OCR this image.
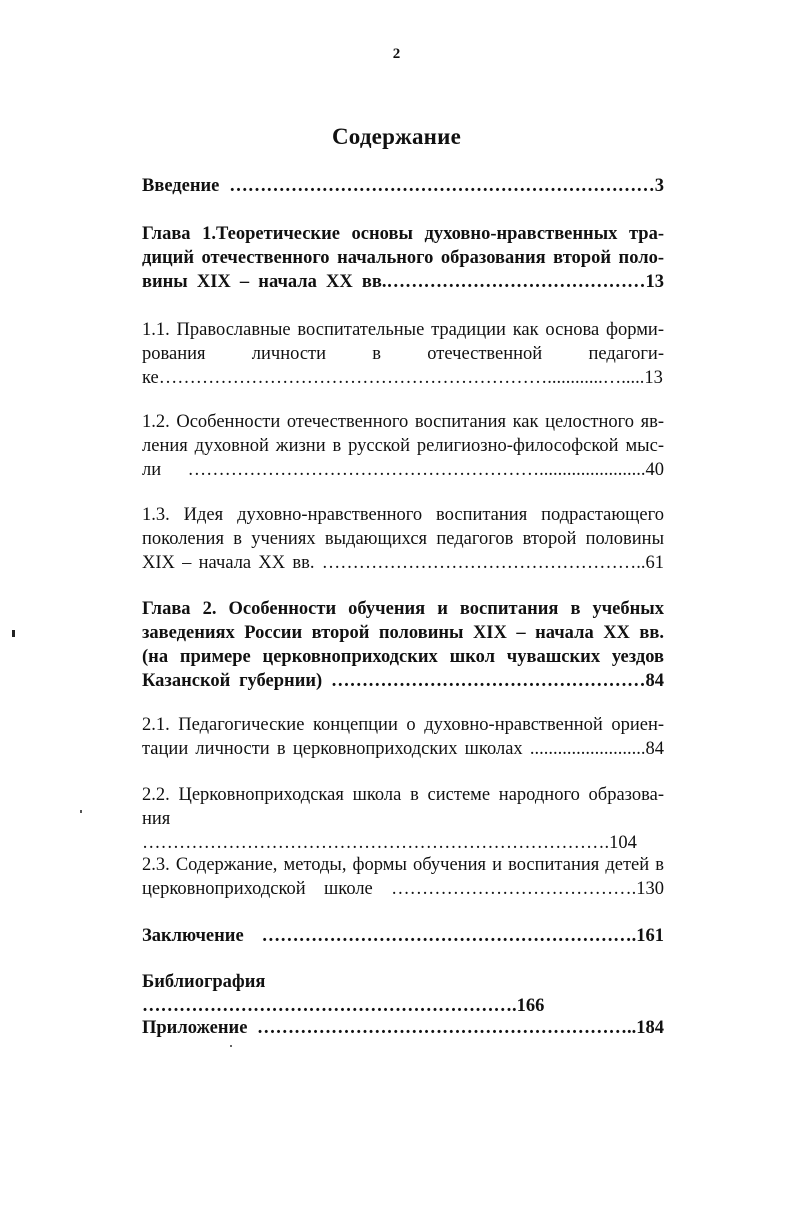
2
Содержание
Введение ……………………………………………………………3
Глава 1.Теоретические основы духовно-нравственных тра-
диций отечественного начального образования второй поло-
вины XIX – начала XX вв.……………………………………13
1.1. Православные воспитательные традиции как основа форми-
рования личности в отечественной педагоги-
ке………………………………………………………............….....13
1.2. Особенности отечественного воспитания как целостного яв-
ления духовной жизни в русской религиозно-философской мыс-
ли ………………………………………………….......................40
1.3. Идея духовно-нравственного воспитания подрастающего
поколения в учениях выдающихся педагогов второй половины
XIX – начала XX вв. ……………………………………………..61
Глава 2. Особенности обучения и воспитания в учебных
заведениях России второй половины XIX – начала XX вв.
(на примере церковноприходских школ чувашских уездов
Казанской губернии) ……………………………………………84
2.1. Педагогические концепции о духовно-нравственной ориен-
тации личности в церковноприходских школах .........................84
2.2. Церковноприходская школа в системе народного образова-
ния ………………………………………………………………….104
2.3. Содержание, методы, формы обучения и воспитания детей в
церковноприходской школе ………………………………….130
Заключение …………………………………………………….161
Библиография …………………………………………………….166
Приложение ……………………………………………………..184
